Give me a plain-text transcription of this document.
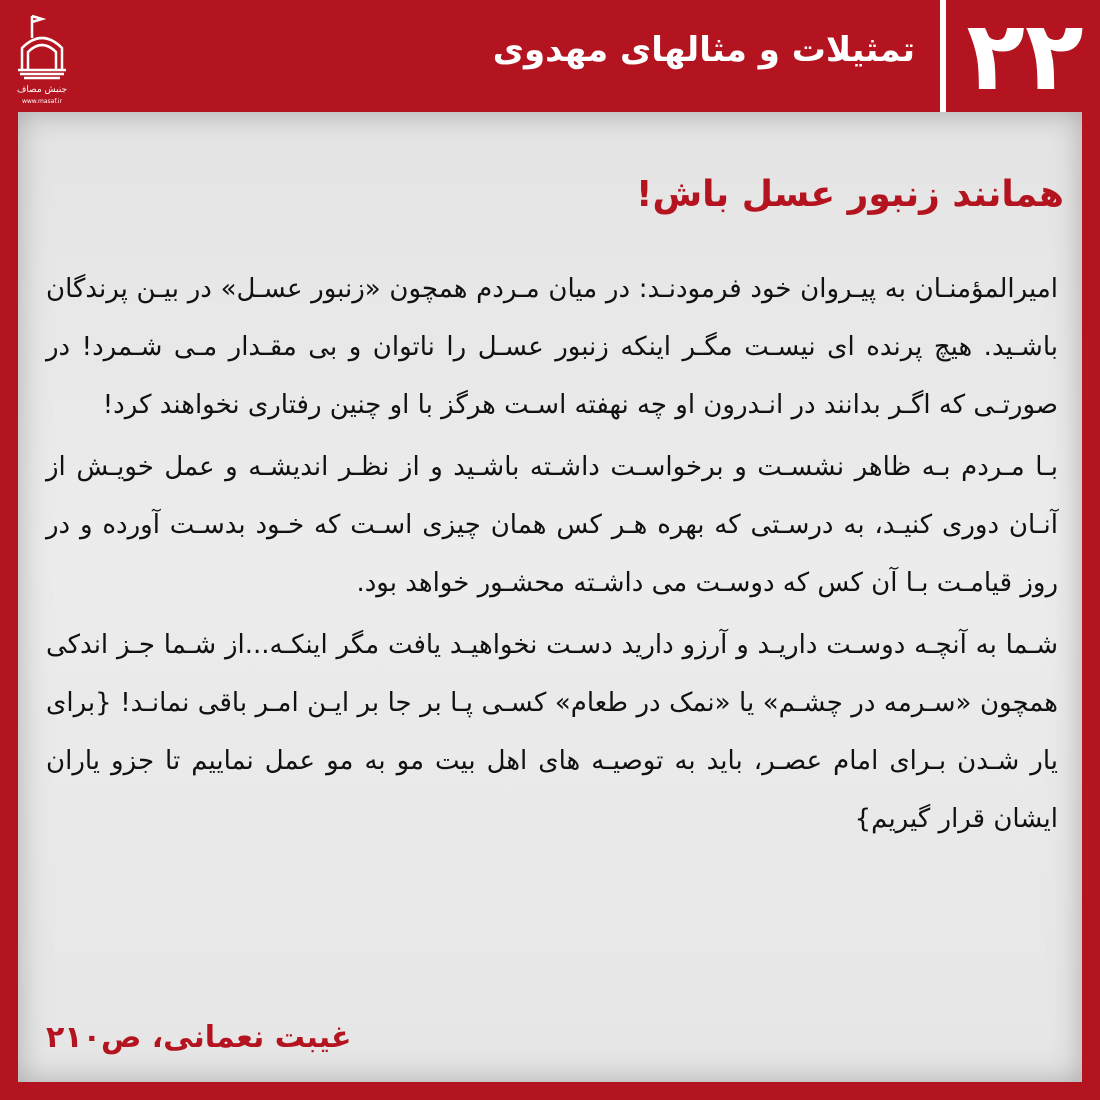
جنبش مصاف
www.masaf.ir
تمثیلات و مثالهای مهدوی ۲۲
همانند زنبور عسل باش!

امیرالمؤمنـان به پیـروان خود فرمودنـد: در میان مـردم همچون «زنبور عسـل» در بیـن پرندگان باشـید. هیچ پرنده ای نیسـت مگـر اینکه زنبور عسـل را ناتوان و بی مقـدار مـی شـمرد! در صورتـی که اگـر بدانند در انـدرون او چه نهفته اسـت هرگز با او چنین رفتاری نخواهند کرد!

بـا مـردم بـه ظاهر نشسـت و برخواسـت داشـته باشـید و از نظـر اندیشـه و عمل خویـش از آنـان دوری کنیـد، به درسـتی که بهره هـر کس همان چیزی اسـت که خـود بدسـت آورده و در روز قیامـت بـا آن کس که دوسـت می داشـته محشـور خواهد بود.

شـما به آنچـه دوسـت داریـد و آرزو دارید دسـت نخواهیـد یافت مگر اینکـه...از شـما جـز اندکی همچون «سـرمه در چشـم» یا «نمک در طعام» کسـی پـا بر جا بر ایـن امـر باقی نمانـد! {برای یار شـدن بـرای امام عصـر، باید به توصیـه های اهل بیت مو به مو عمل نماییم تا جزو یاران ایشان قرار گیریم}

غیبت نعمانی، ص۲۱۰
